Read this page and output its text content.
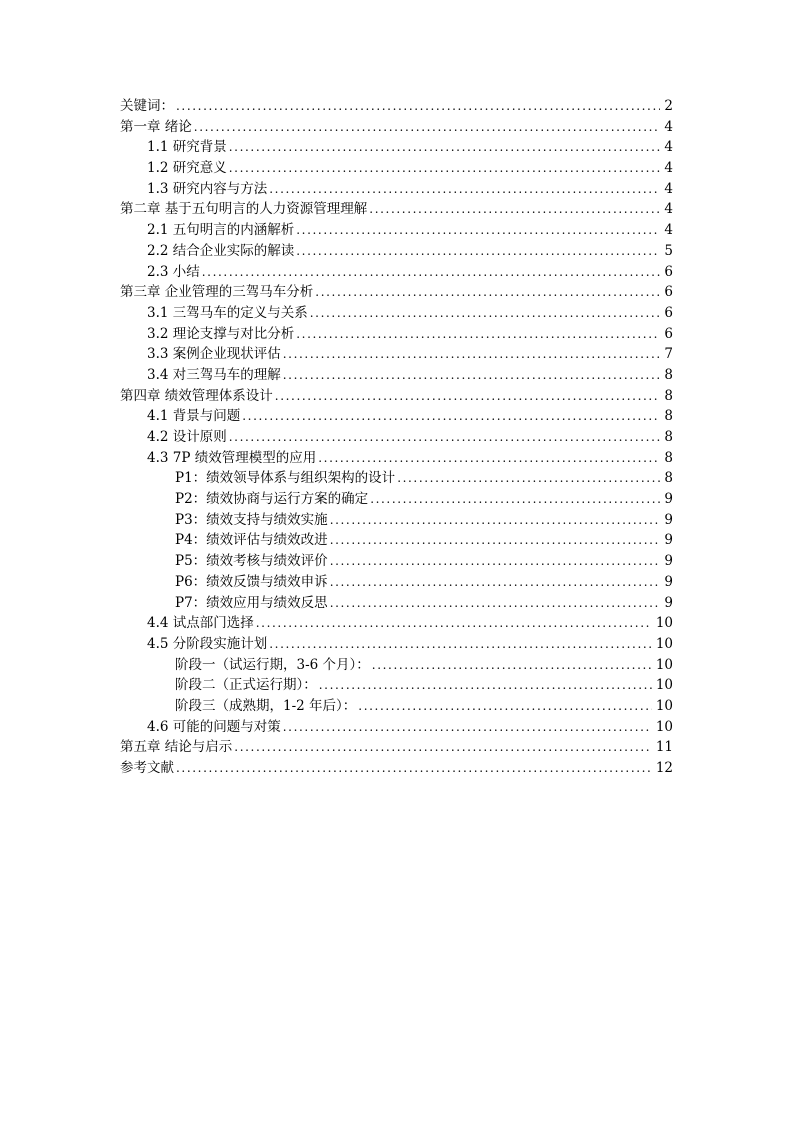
关键词： .....	2
第一章 绪论 .....	4
1.1 研究背景 .....	4
1.2 研究意义 .....	4
1.3 研究内容与方法 .....	4
第二章 基于五句明言的人力资源管理理解 .....	4
2.1 五句明言的内涵解析 .....	4
2.2 结合企业实际的解读 .....	5
2.3 小结 .....	6
第三章 企业管理的三驾马车分析 .....	6
3.1 三驾马车的定义与关系 .....	6
3.2 理论支撑与对比分析 .....	6
3.3 案例企业现状评估 .....	7
3.4 对三驾马车的理解 .....	8
第四章 绩效管理体系设计 .....	8
4.1 背景与问题 .....	8
4.2 设计原则 .....	8
4.3 7P 绩效管理模型的应用 .....	8
P1：绩效领导体系与组织架构的设计 .....	8
P2：绩效协商与运行方案的确定 .....	9
P3：绩效支持与绩效实施 .....	9
P4：绩效评估与绩效改进 .....	9
P5：绩效考核与绩效评价 .....	9
P6：绩效反馈与绩效申诉 .....	9
P7：绩效应用与绩效反思 .....	9
4.4 试点部门选择 .....	10
4.5 分阶段实施计划 .....	10
阶段一（试运行期，3-6 个月）： .....	10
阶段二（正式运行期）： .....	10
阶段三（成熟期，1-2 年后）： .....	10
4.6 可能的问题与对策 .....	10
第五章 结论与启示 .....	11
参考文献 .....	12
